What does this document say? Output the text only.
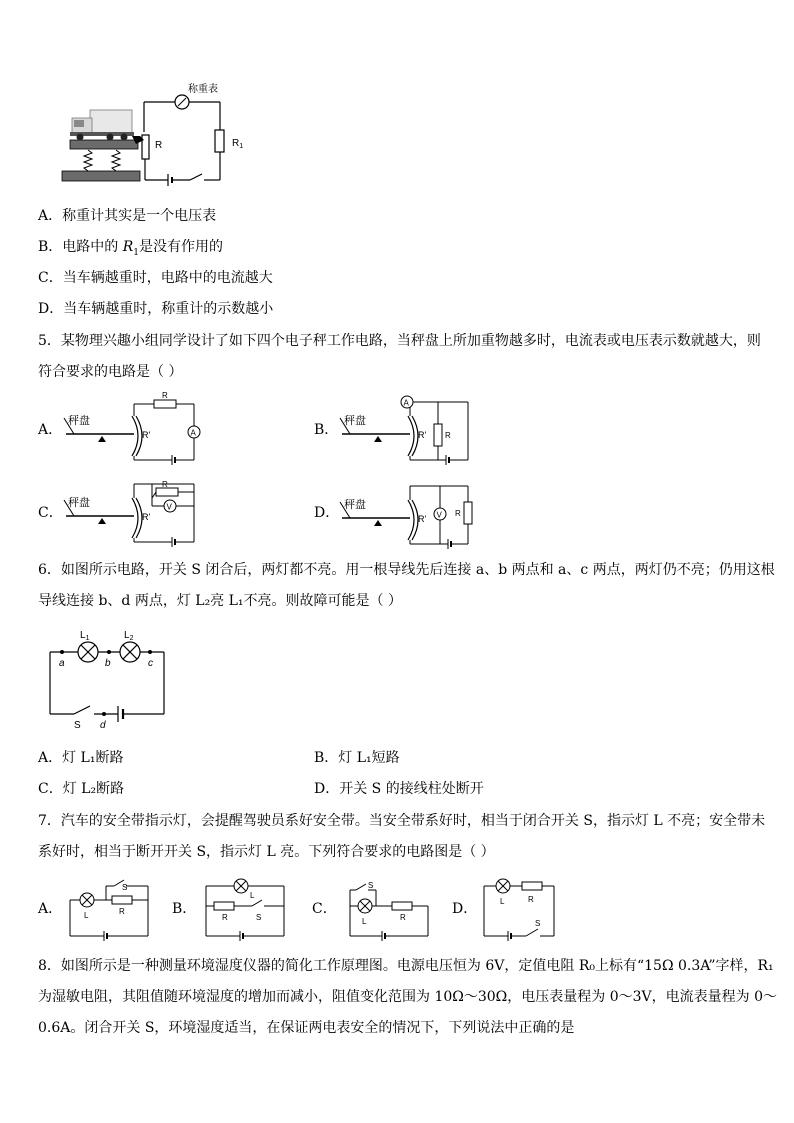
称重表
$R_1$
R
A．称重计其实是一个电压表
B．电路中的 $R_1$是没有作用的
C．当车辆越重时，电路中的电流越大
D．当车辆越重时，称重计的示数越小
5．某物理兴趣小组同学设计了如下四个电子秤工作电路，当秤盘上所加重物越多时，电流表或电压表示数就越大，则
符合要求的电路是（ ）
A．	B．
C．	D．
秤盘
R'
R
A
秤盘
R'
A
R
秤盘
R'
R
V	秤盘
R' V R
6．如图所示电路，开关 S 闭合后，两灯都不亮。用一根导线先后连接 a、b 两点和 a、c 两点，两灯仍不亮；仍用这根
导线连接 b、d 两点，灯 L₂亮 L₁不亮。则故障可能是（ ）
$L_1$	$L_2$
a	b	c
S d
A．灯 L₁断路	B．灯 L₁短路
C．灯 L₂断路	D．开关 S 的接线柱处断开
7．汽车的安全带指示灯，会提醒驾驶员系好安全带。当安全带系好时，相当于闭合开关 S，指示灯 L 不亮；安全带未
系好时，相当于断开开关 S，指示灯 L 亮。下列符合要求的电路图是（ ）
A．	B．	C．	D．
L
S
R
L
R	S
S
L	R
L	R
S
8．如图所示是一种测量环境湿度仪器的简化工作原理图。电源电压恒为 6V，定值电阻 R₀上标有“15Ω 0.3A”字样，R₁
为湿敏电阻，其阻值随环境湿度的增加而减小，阻值变化范围为 10Ω～30Ω，电压表量程为 0～3V，电流表量程为 0～
0.6A。闭合开关 S，环境湿度适当，在保证两电表安全的情况下，下列说法中正确的是
